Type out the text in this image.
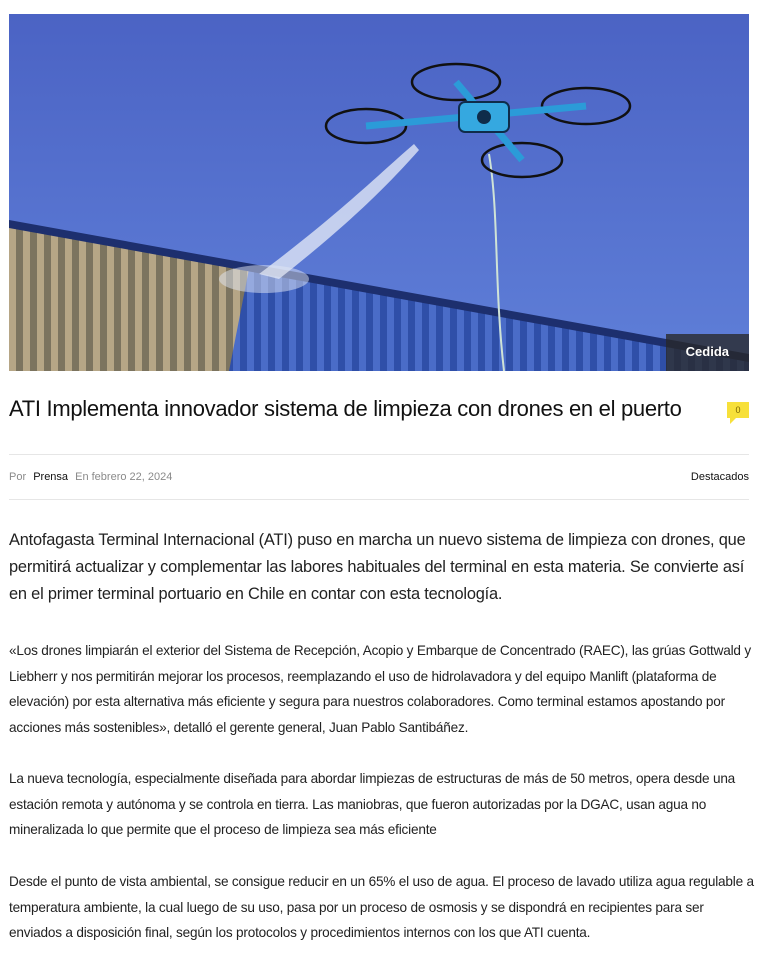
Cedida
ATI Implementa innovador sistema de limpieza con drones en el puerto	0
Por Prensa En febrero 22, 2024	Destacados

Antofagasta Terminal Internacional (ATI) puso en marcha un nuevo sistema de limpieza con drones, que permitirá actualizar y complementar las labores habituales del terminal en esta materia. Se convierte así en el primer terminal portuario en Chile en contar con esta tecnología.

«Los drones limpiarán el exterior del Sistema de Recepción, Acopio y Embarque de Concentrado (RAEC), las grúas Gottwald y Liebherr y nos permitirán mejorar los procesos, reemplazando el uso de hidrolavadora y del equipo Manlift (plataforma de elevación) por esta alternativa más eficiente y segura para nuestros colaboradores. Como terminal estamos apostando por acciones más sostenibles», detalló el gerente general, Juan Pablo Santibáñez.

La nueva tecnología, especialmente diseñada para abordar limpiezas de estructuras de más de 50 metros, opera desde una estación remota y autónoma y se controla en tierra. Las maniobras, que fueron autorizadas por la DGAC, usan agua no mineralizada lo que permite que el proceso de limpieza sea más eficiente

Desde el punto de vista ambiental, se consigue reducir en un 65% el uso de agua. El proceso de lavado utiliza agua regulable a temperatura ambiente, la cual luego de su uso, pasa por un proceso de osmosis y se dispondrá en recipientes para ser enviados a disposición final, según los protocolos y procedimientos internos con los que ATI cuenta.
